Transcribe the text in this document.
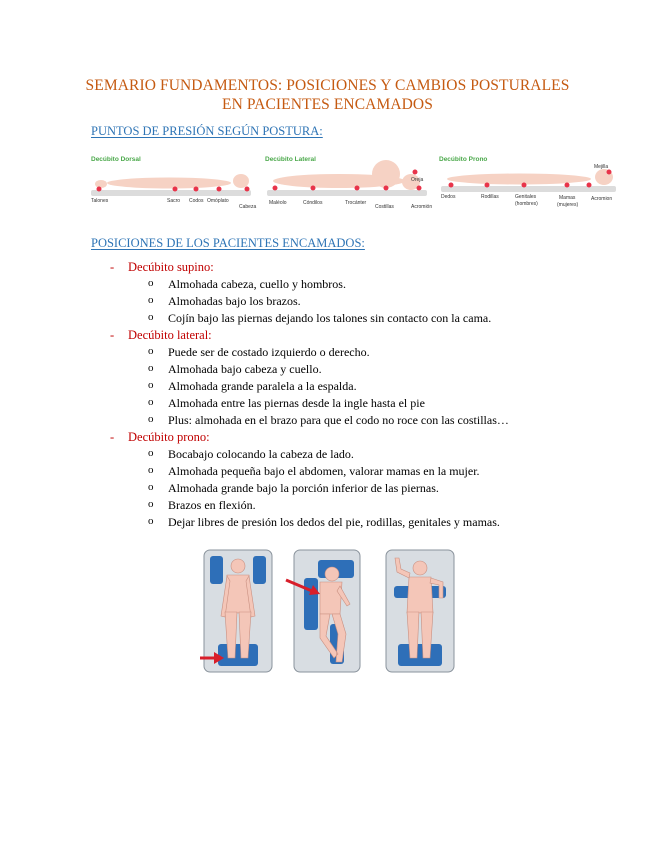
SEMARIO FUNDAMENTOS: POSICIONES Y CAMBIOS POSTURALES
EN PACIENTES ENCAMADOS
PUNTOS DE PRESIÓN SEGÚN POSTURA:
Decúbito Dorsal
Talones	Sacro Codos Omóplato
Cabeza
Decúbito Lateral
Maléolo	Cóndilos	Trocánter
Costillas	Acromión
Oreja
Decúbito Prono
Dedos	Rodillas	Genitales
(hombres)
Mamas
(mujeres)
Acromion
Mejilla
POSICIONES DE LOS PACIENTES ENCAMADOS:
- Decúbito supino:
o Almohada cabeza, cuello y hombros.
o Almohadas bajo los brazos.
o Cojín bajo las piernas dejando los talones sin contacto con la cama.
- Decúbito lateral:
o Puede ser de costado izquierdo o derecho.
o Almohada bajo cabeza y cuello.
o Almohada grande paralela a la espalda.
o Almohada entre las piernas desde la ingle hasta el pie
o Plus: almohada en el brazo para que el codo no roce con las costillas…
- Decúbito prono:
o Bocabajo colocando la cabeza de lado.
o Almohada pequeña bajo el abdomen, valorar mamas en la mujer.
o Almohada grande bajo la porción inferior de las piernas.
o Brazos en flexión.
o Dejar libres de presión los dedos del pie, rodillas, genitales y mamas.
